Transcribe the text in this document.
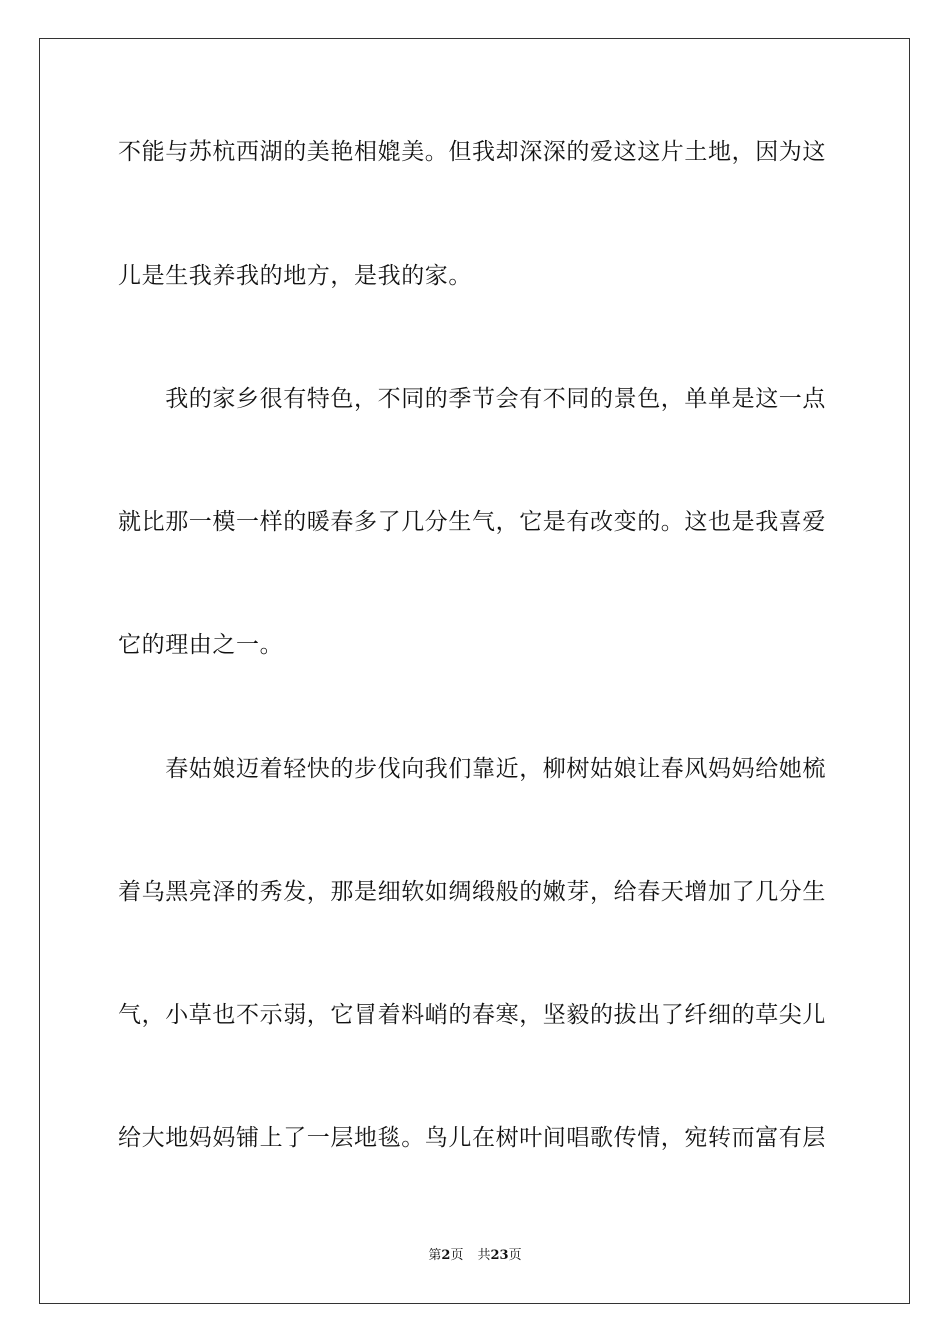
不能与苏杭西湖的美艳相媲美。但我却深深的爱这这片土地，因为这
儿是生我养我的地方，是我的家。
　　我的家乡很有特色，不同的季节会有不同的景色，单单是这一点
就比那一模一样的暖春多了几分生气，它是有改变的。这也是我喜爱
它的理由之一。
　　春姑娘迈着轻快的步伐向我们靠近，柳树姑娘让春风妈妈给她梳
着乌黑亮泽的秀发，那是细软如绸缎般的嫩芽，给春天增加了几分生
气，小草也不示弱，它冒着料峭的春寒，坚毅的拔出了纤细的草尖儿
给大地妈妈铺上了一层地毯。鸟儿在树叶间唱歌传情，宛转而富有层
第2页 共23页
